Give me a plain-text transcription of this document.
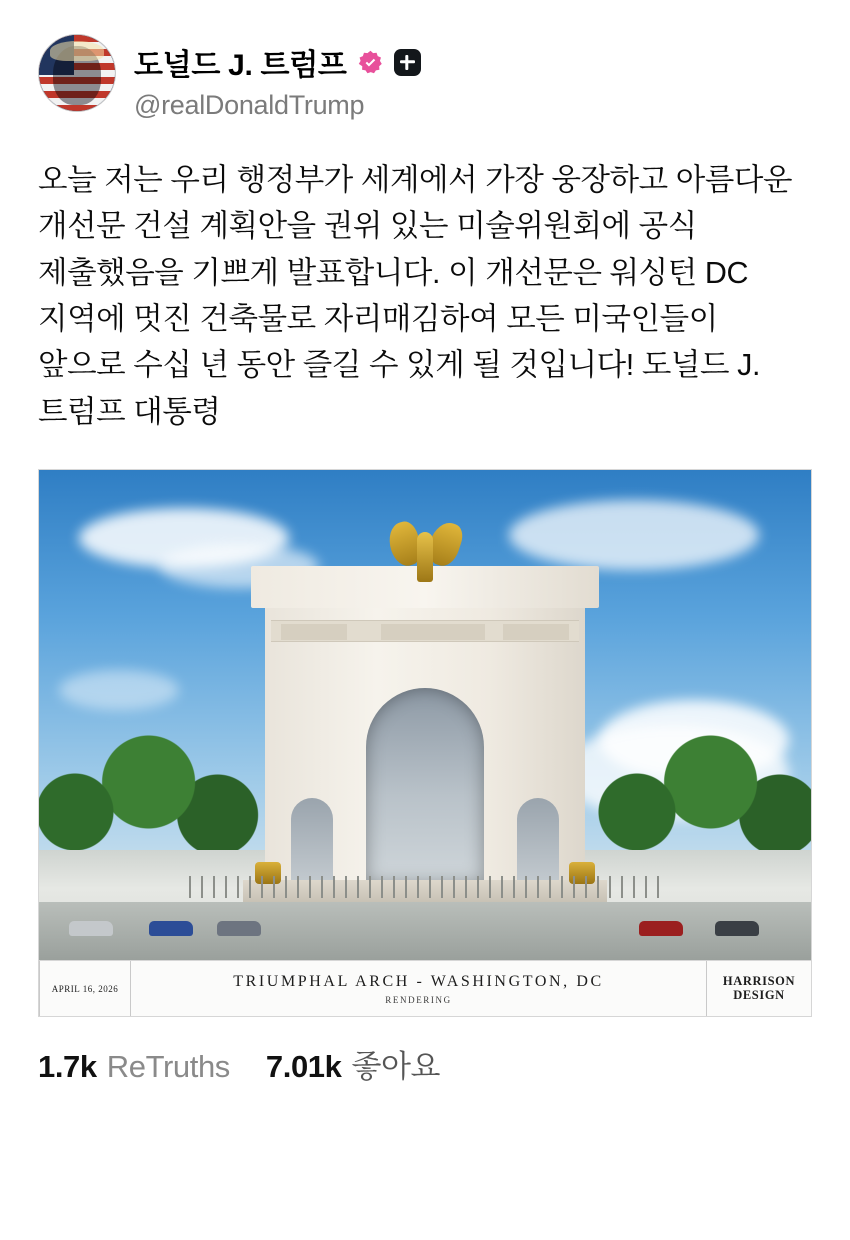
도널드 J. 트럼프
@realDonaldTrump
오늘 저는 우리 행정부가 세계에서 가장 웅장하고 아름다운 개선문 건설 계획안을 권위 있는 미술위원회에 공식 제출했음을 기쁘게 발표합니다. 이 개선문은 워싱턴 DC 지역에 멋진 건축물로 자리매김하여 모든 미국인들이 앞으로 수십 년 동안 즐길 수 있게 될 것입니다! 도널드 J. 트럼프 대통령
APRIL 16, 2026	TRIUMPHAL ARCH - WASHINGTON, DC
RENDERING
HARRISON
DESIGN
1.7k ReTruths 7.01k 좋아요
